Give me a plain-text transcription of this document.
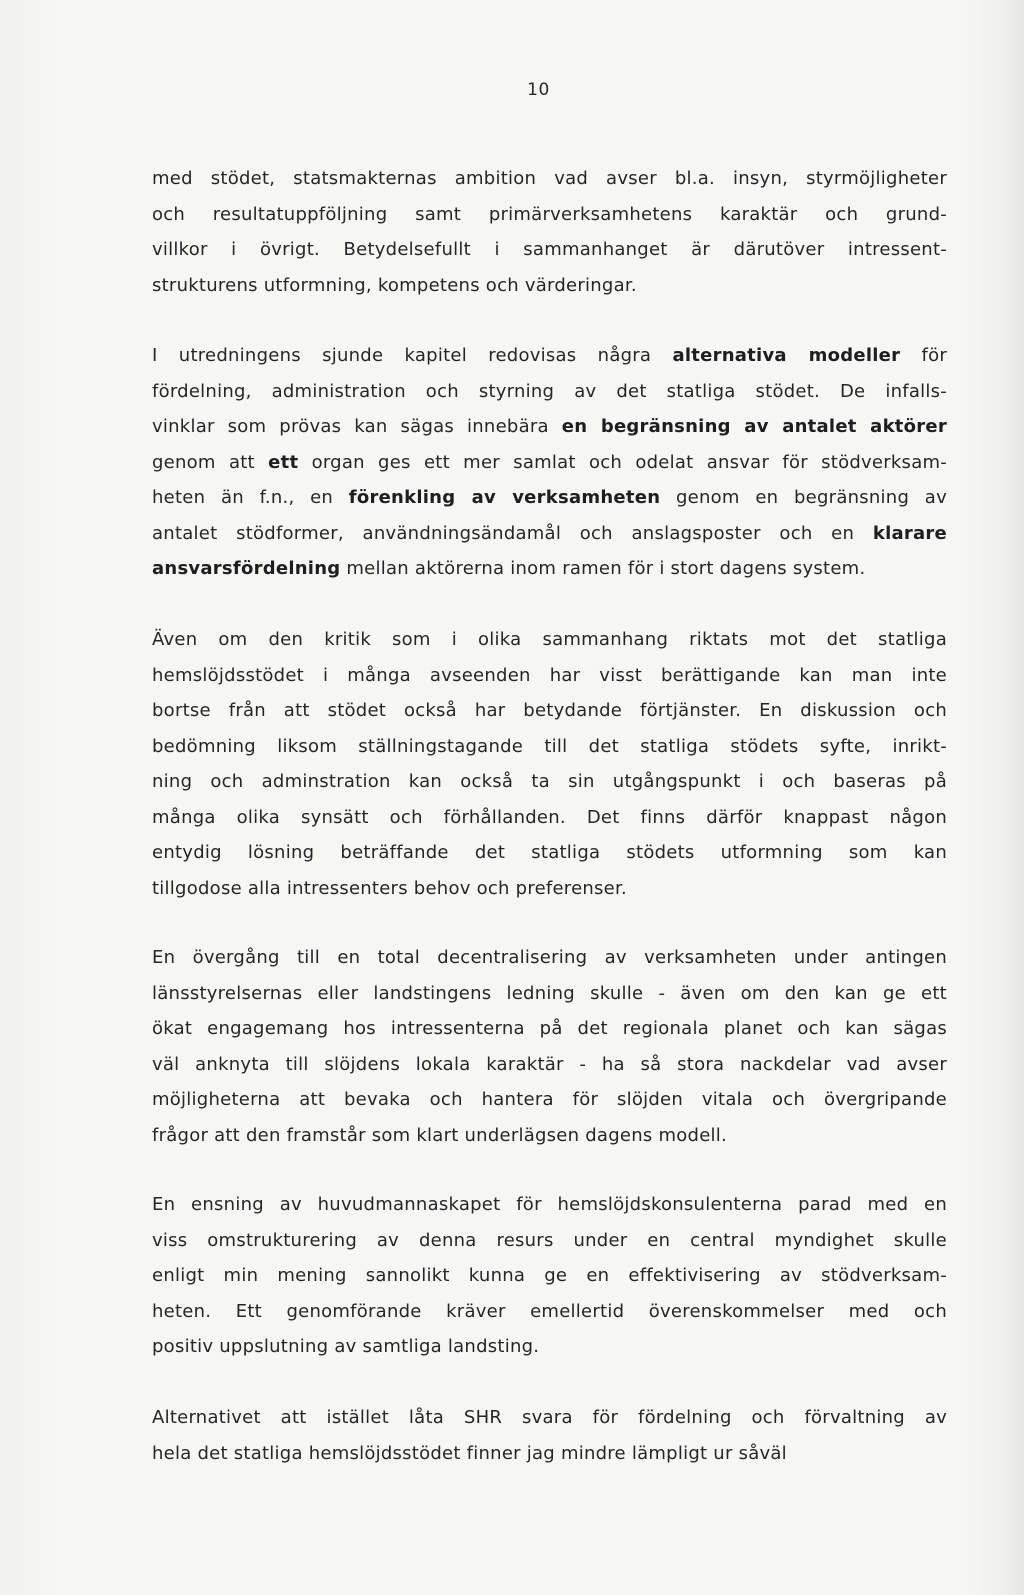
10
med stödet, statsmakternas ambition vad avser bl.a. insyn, styrmöjligheter
och resultatuppföljning samt primärverksamhetens karaktär och grund-
villkor i övrigt. Betydelsefullt i sammanhanget är därutöver intressent-
strukturens utformning, kompetens och värderingar.
I utredningens sjunde kapitel redovisas några alternativa modeller för
fördelning, administration och styrning av det statliga stödet. De infalls-
vinklar som prövas kan sägas innebära en begränsning av antalet aktörer
genom att ett organ ges ett mer samlat och odelat ansvar för stödverksam-
heten än f.n., en förenkling av verksamheten genom en begränsning av
antalet stödformer, användningsändamål och anslagsposter och en klarare
ansvarsfördelning mellan aktörerna inom ramen för i stort dagens system.
Även om den kritik som i olika sammanhang riktats mot det statliga
hemslöjdsstödet i många avseenden har visst berättigande kan man inte
bortse från att stödet också har betydande förtjänster. En diskussion och
bedömning liksom ställningstagande till det statliga stödets syfte, inrikt-
ning och adminstration kan också ta sin utgångspunkt i och baseras på
många olika synsätt och förhållanden. Det finns därför knappast någon
entydig lösning beträffande det statliga stödets utformning som kan
tillgodose alla intressenters behov och preferenser.
En övergång till en total decentralisering av verksamheten under antingen
länsstyrelsernas eller landstingens ledning skulle - även om den kan ge ett
ökat engagemang hos intressenterna på det regionala planet och kan sägas
väl anknyta till slöjdens lokala karaktär - ha så stora nackdelar vad avser
möjligheterna att bevaka och hantera för slöjden vitala och övergripande
frågor att den framstår som klart underlägsen dagens modell.
En ensning av huvudmannaskapet för hemslöjdskonsulenterna parad med en
viss omstrukturering av denna resurs under en central myndighet skulle
enligt min mening sannolikt kunna ge en effektivisering av stödverksam-
heten. Ett genomförande kräver emellertid överenskommelser med och
positiv uppslutning av samtliga landsting.
Alternativet att istället låta SHR svara för fördelning och förvaltning av
hela det statliga hemslöjdsstödet finner jag mindre lämpligt ur såväl
